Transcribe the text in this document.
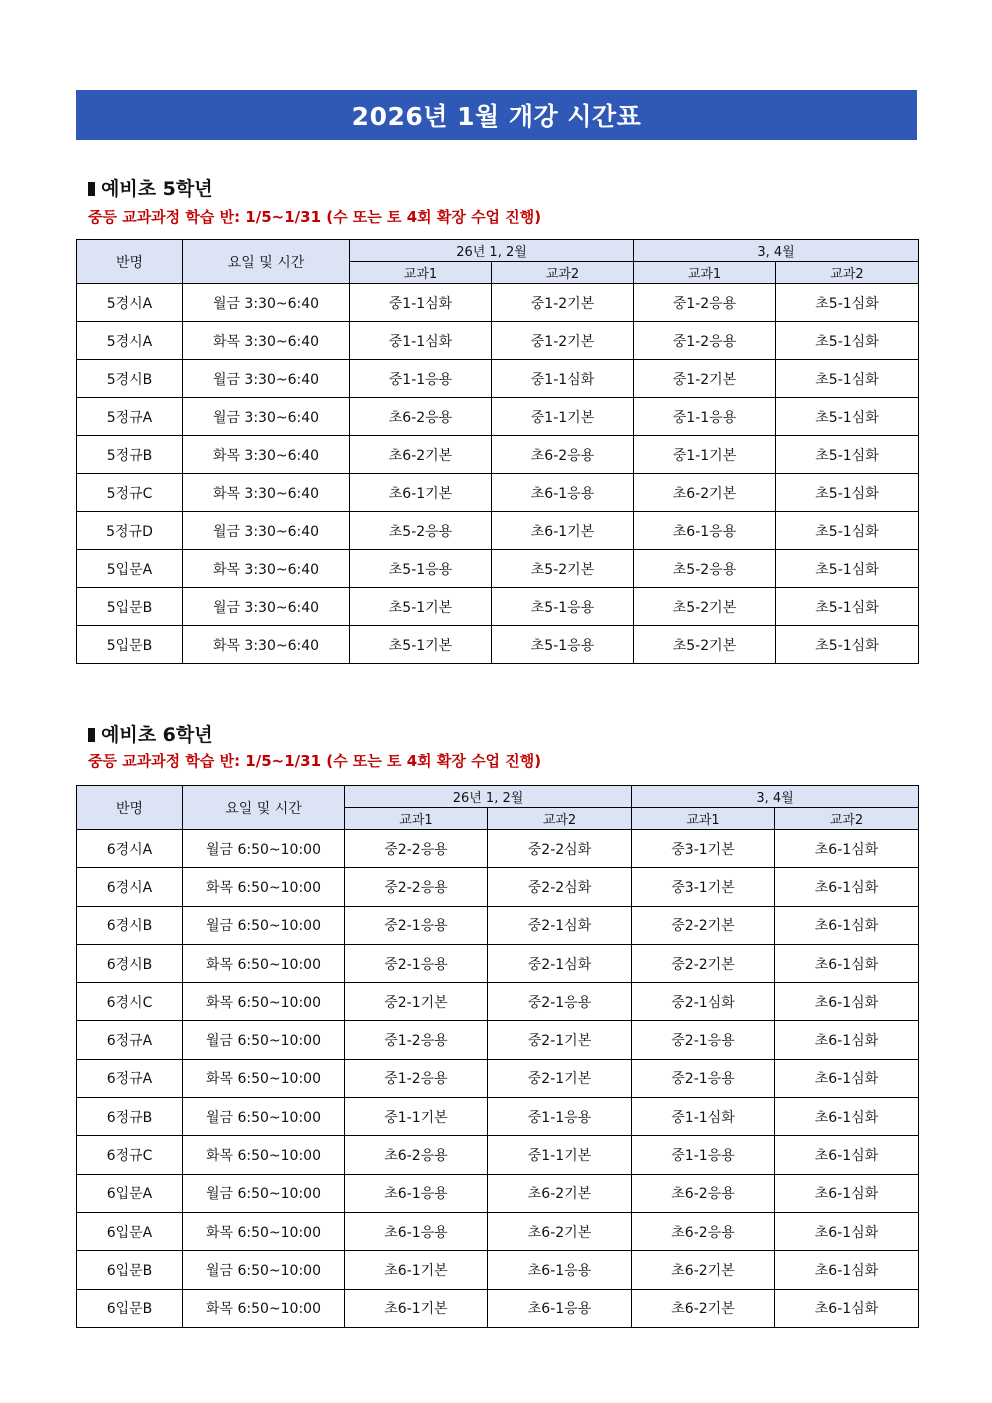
2026년 1월 개강 시간표
예비초 5학년
중등 교과과정 학습 반: 1/5~1/31 (수 또는 토 4회 확장 수업 진행)
반명	요일 및 시간	26년 1, 2월		3, 4월	
		교과1	교과2	교과1	교과2
5경시A	월금 3:30~6:40	중1-1심화	중1-2기본	중1-2응용	초5-1심화
5경시A	화목 3:30~6:40	중1-1심화	중1-2기본	중1-2응용	초5-1심화
5경시B	월금 3:30~6:40	중1-1응용	중1-1심화	중1-2기본	초5-1심화
5정규A	월금 3:30~6:40	초6-2응용	중1-1기본	중1-1응용	초5-1심화
5정규B	화목 3:30~6:40	초6-2기본	초6-2응용	중1-1기본	초5-1심화
5정규C	화목 3:30~6:40	초6-1기본	초6-1응용	초6-2기본	초5-1심화
5정규D	월금 3:30~6:40	초5-2응용	초6-1기본	초6-1응용	초5-1심화
5입문A	화목 3:30~6:40	초5-1응용	초5-2기본	초5-2응용	초5-1심화
5입문B	월금 3:30~6:40	초5-1기본	초5-1응용	초5-2기본	초5-1심화
5입문B	화목 3:30~6:40	초5-1기본	초5-1응용	초5-2기본	초5-1심화
예비초 6학년
중등 교과과정 학습 반: 1/5~1/31 (수 또는 토 4회 확장 수업 진행)
반명	요일 및 시간	26년 1, 2월		3, 4월	
		교과1	교과2	교과1	교과2
6경시A	월금 6:50~10:00	중2-2응용	중2-2심화	중3-1기본	초6-1심화
6경시A	화목 6:50~10:00	중2-2응용	중2-2심화	중3-1기본	초6-1심화
6경시B	월금 6:50~10:00	중2-1응용	중2-1심화	중2-2기본	초6-1심화
6경시B	화목 6:50~10:00	중2-1응용	중2-1심화	중2-2기본	초6-1심화
6경시C	화목 6:50~10:00	중2-1기본	중2-1응용	중2-1심화	초6-1심화
6정규A	월금 6:50~10:00	중1-2응용	중2-1기본	중2-1응용	초6-1심화
6정규A	화목 6:50~10:00	중1-2응용	중2-1기본	중2-1응용	초6-1심화
6정규B	월금 6:50~10:00	중1-1기본	중1-1응용	중1-1심화	초6-1심화
6정규C	화목 6:50~10:00	초6-2응용	중1-1기본	중1-1응용	초6-1심화
6입문A	월금 6:50~10:00	초6-1응용	초6-2기본	초6-2응용	초6-1심화
6입문A	화목 6:50~10:00	초6-1응용	초6-2기본	초6-2응용	초6-1심화
6입문B	월금 6:50~10:00	초6-1기본	초6-1응용	초6-2기본	초6-1심화
6입문B	화목 6:50~10:00	초6-1기본	초6-1응용	초6-2기본	초6-1심화
